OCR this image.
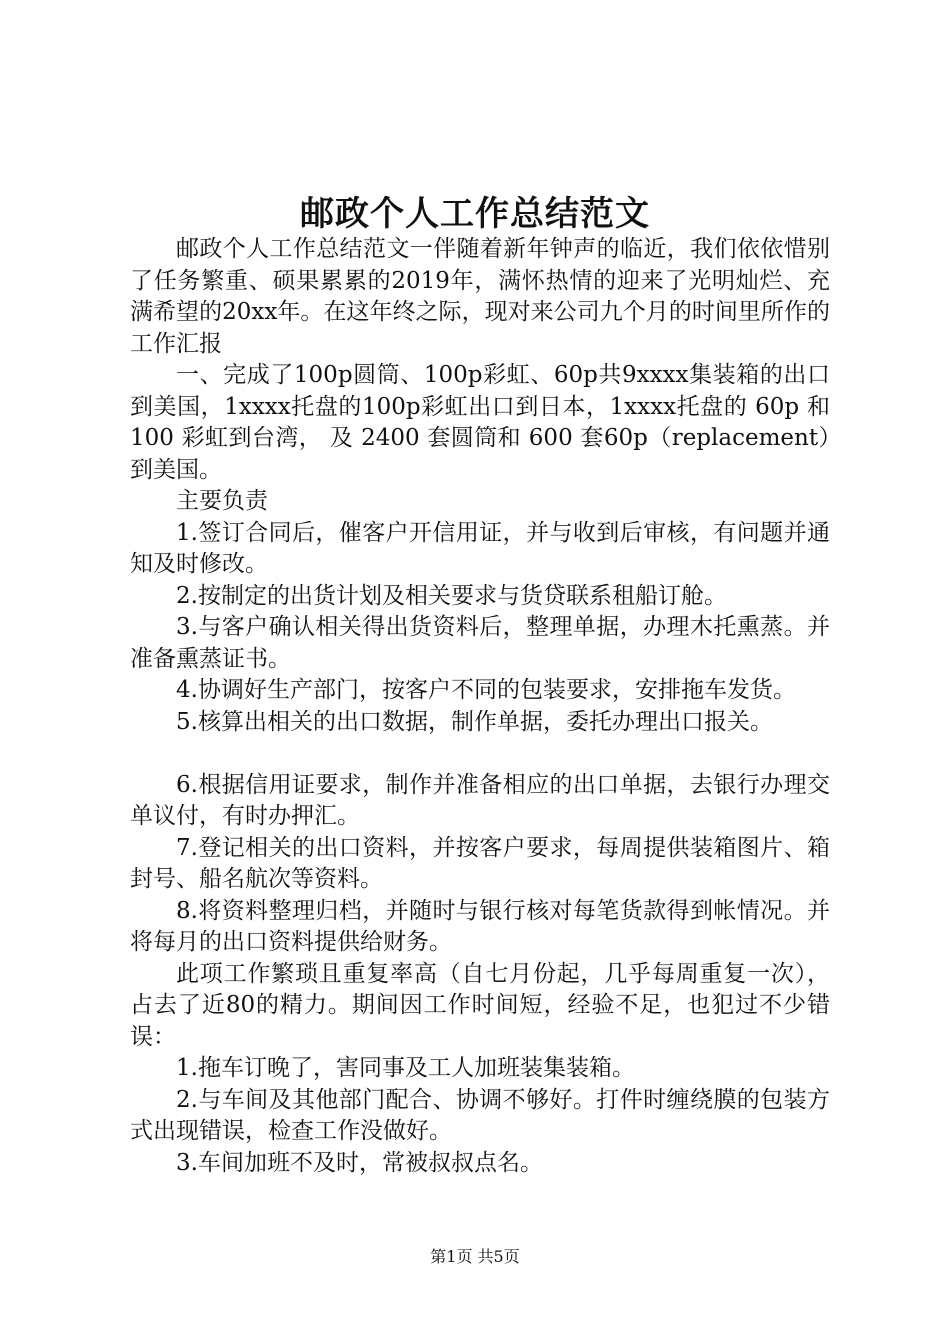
邮政个人工作总结范文

邮政个人工作总结范文一伴随着新年钟声的临近，我们依依惜别了任务繁重、硕果累累的2019年，满怀热情的迎来了光明灿烂、充满希望的20xx年。在这年终之际，现对来公司九个月的时间里所作的工作汇报

一、完成了100p圆筒、100p彩虹、60p共9xxxx集装箱的出口到美国，1xxxx托盘的100p彩虹出口到日本，1xxxx托盘的 60p 和 100 彩虹到台湾， 及 2400 套圆筒和 600 套60p（replacement）到美国。

主要负责

1.签订合同后，催客户开信用证，并与收到后审核，有问题并通知及时修改。

2.按制定的出货计划及相关要求与货贷联系租船订舱。

3.与客户确认相关得出货资料后，整理单据，办理木托熏蒸。并准备熏蒸证书。

4.协调好生产部门，按客户不同的包装要求，安排拖车发货。

5.核算出相关的出口数据，制作单据，委托办理出口报关。

6.根据信用证要求，制作并准备相应的出口单据，去银行办理交单议付，有时办押汇。

7.登记相关的出口资料，并按客户要求，每周提供装箱图片、箱封号、船名航次等资料。

8.将资料整理归档，并随时与银行核对每笔货款得到帐情况。并将每月的出口资料提供给财务。

此项工作繁琐且重复率高（自七月份起，几乎每周重复一次），占去了近80的精力。期间因工作时间短，经验不足，也犯过不少错误：

1.拖车订晚了，害同事及工人加班装集装箱。

2.与车间及其他部门配合、协调不够好。打件时缠绕膜的包装方式出现错误，检查工作没做好。

3.车间加班不及时，常被叔叔点名。

第1页 共5页
